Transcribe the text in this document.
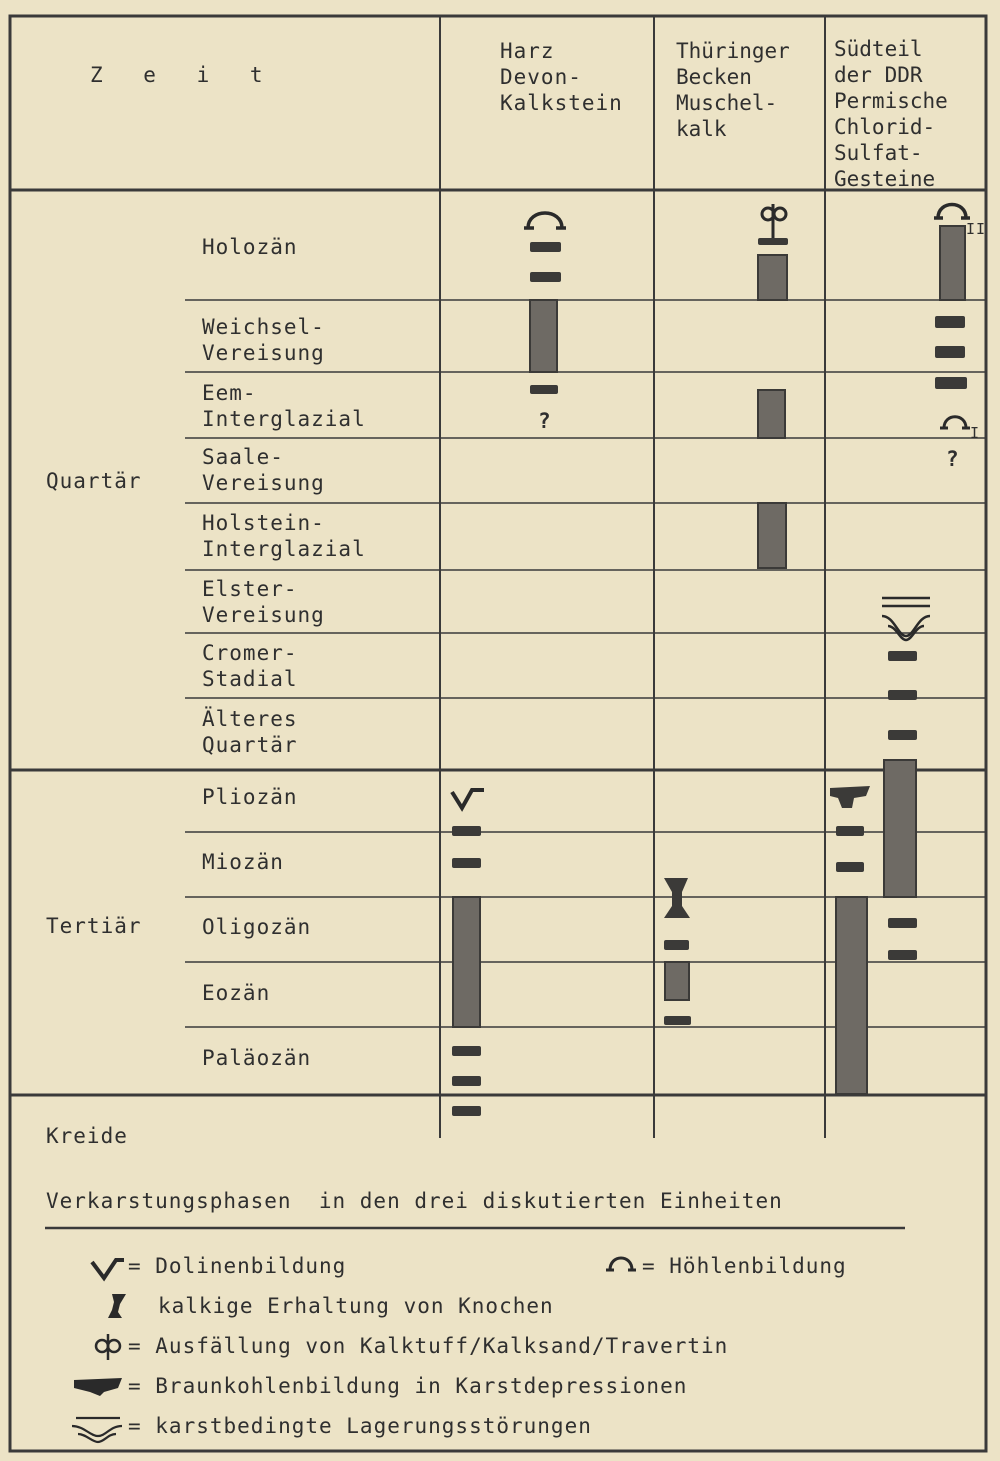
Z e i t
Harz
Devon-
Kalkstein
Thüringer
Becken
Muschel-
kalk
Südteil
der DDR
Permische
Chlorid-
Sulfat-
Gesteine
Quartär
Tertiär
Kreide
Holozän
Weichsel-
Vereisung
Eem-
Interglazial
Saale-
Vereisung
Holstein-
Interglazial
Elster-
Vereisung
Cromer-
Stadial
Älteres
Quartär
Pliozän
Miozän
Oligozän
Eozän
Paläozän
?
?
II
I
Verkarstungsphasen  in den drei diskutierten Einheiten
= Dolinenbildung	= Höhlenbildung
kalkige Erhaltung von Knochen
= Ausfällung von Kalktuff/Kalksand/Travertin
= Braunkohlenbildung in Karstdepressionen
= karstbedingte Lagerungsstörungen
